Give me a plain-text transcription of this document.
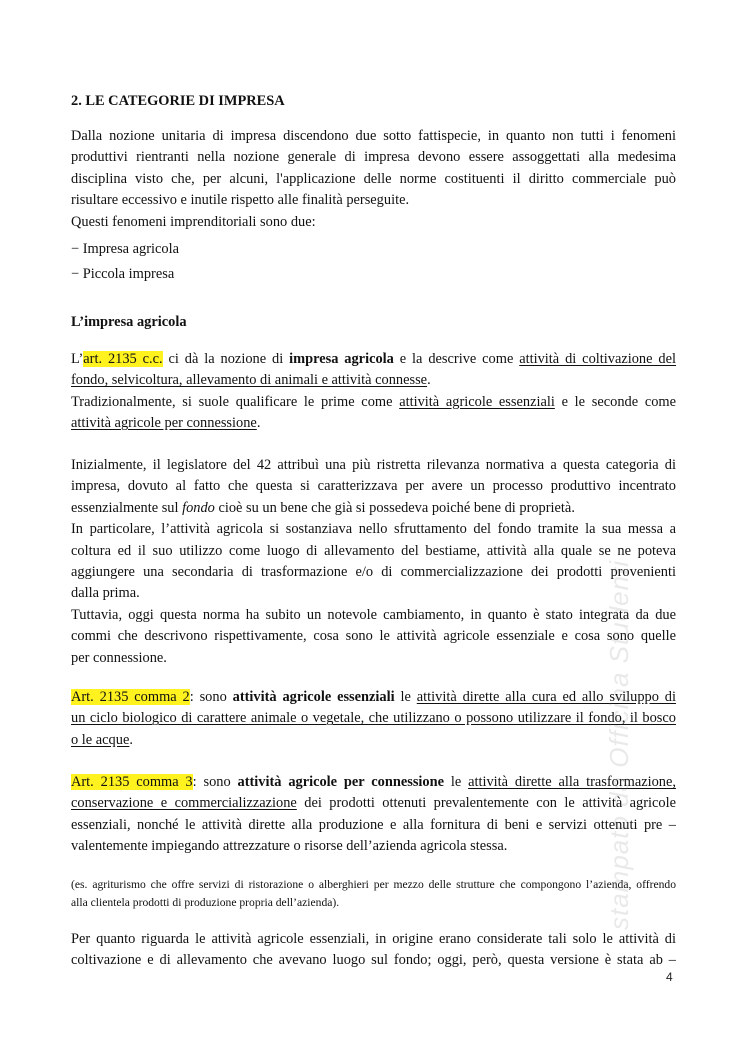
2. LE CATEGORIE DI IMPRESA
Dalla nozione unitaria di impresa discendono due sotto fattispecie, in quanto non tutti i fenomeni
produttivi rientranti nella nozione generale di impresa devono essere assoggettati alla medesima
disciplina visto che, per alcuni, l'applicazione delle norme costituenti il diritto commerciale può
risultare eccessivo e inutile rispetto alle finalità perseguite.
Questi fenomeni imprenditoriali sono due:
− Impresa agricola
− Piccola impresa
L’impresa agricola
L’art. 2135 c.c. ci dà la nozione di impresa agricola e la descrive come attività di coltivazione del
fondo, selvicoltura, allevamento di animali e attività connesse.
Tradizionalmente, si suole qualificare le prime come attività agricole essenziali e le seconde come
attività agricole per connessione.
Inizialmente, il legislatore del 42 attribuì una più ristretta rilevanza normativa a questa categoria di
impresa, dovuto al fatto che questa si caratterizzava per avere un processo produttivo incentrato
essenzialmente sul fondo cioè su un bene che già si possedeva poiché bene di proprietà.
In particolare, l’attività agricola si sostanziava nello sfruttamento del fondo tramite la sua messa a
coltura ed il suo utilizzo come luogo di allevamento del bestiame, attività alla quale se ne poteva
aggiungere una secondaria di trasformazione e/o di commercializzazione dei prodotti provenienti
dalla prima.
Tuttavia, oggi questa norma ha subito un notevole cambiamento, in quanto è stato integrata da due
commi che descrivono rispettivamente, cosa sono le attività agricole essenziale e cosa sono quelle
per connessione.
Art. 2135 comma 2: sono attività agricole essenziali le attività dirette alla cura ed allo sviluppo di
un ciclo biologico di carattere animale o vegetale, che utilizzano o possono utilizzare il fondo, il bosco
o le acque.
Art. 2135 comma 3: sono attività agricole per connessione le attività dirette alla trasformazione,
conservazione e commercializzazione dei prodotti ottenuti prevalentemente con le attività agricole
essenziali, nonché le attività dirette alla produzione e alla fornitura di beni e servizi ottenuti pre –
valentemente impiegando attrezzature o risorse dell’azienda agricola stessa.
(es. agriturismo che offre servizi di ristorazione o alberghieri per mezzo delle strutture che compongono l’azienda, offrendo
alla clientela prodotti di produzione propria dell’azienda).
Per quanto riguarda le attività agricole essenziali, in origine erano considerate tali solo le attività di
coltivazione e di allevamento che avevano luogo sul fondo; oggi, però, questa versione è stata ab –
stampato da Officina Studenti
4
